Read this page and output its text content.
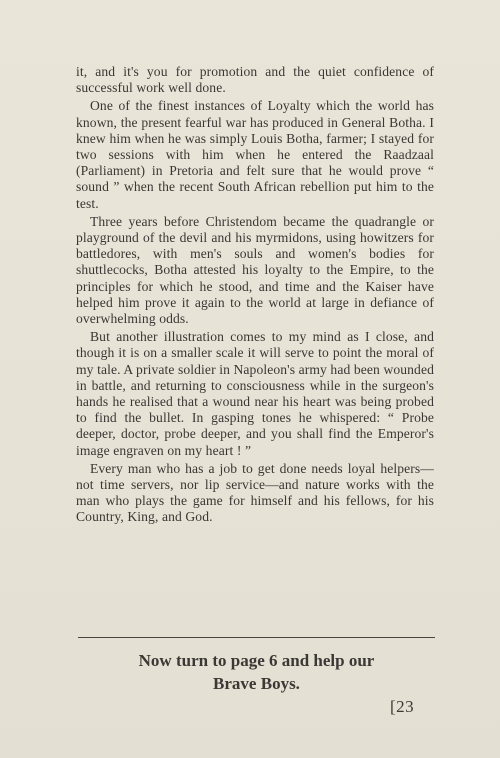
it, and it's you for promotion and the quiet confidence of successful work well done.

One of the finest instances of Loyalty which the world has known, the present fearful war has produced in General Botha. I knew him when he was simply Louis Botha, farmer; I stayed for two sessions with him when he entered the Raadzaal (Parliament) in Pretoria and felt sure that he would prove “ sound ” when the recent South African rebellion put him to the test.

Three years before Christendom became the quadrangle or playground of the devil and his myrmidons, using howitzers for battledores, with men's souls and women's bodies for shuttlecocks, Botha attested his loyalty to the Empire, to the principles for which he stood, and time and the Kaiser have helped him prove it again to the world at large in defiance of overwhelming odds.

But another illustration comes to my mind as I close, and though it is on a smaller scale it will serve to point the moral of my tale. A private soldier in Napoleon's army had been wounded in battle, and returning to consciousness while in the surgeon's hands he realised that a wound near his heart was being probed to find the bullet. In gasping tones he whispered: “ Probe deeper, doctor, probe deeper, and you shall find the Emperor's image engraven on my heart ! ”

Every man who has a job to get done needs loyal helpers—not time servers, nor lip service—and nature works with the man who plays the game for himself and his fellows, for his Country, King, and God.

Now turn to page 6 and help our
Brave Boys.
[23
